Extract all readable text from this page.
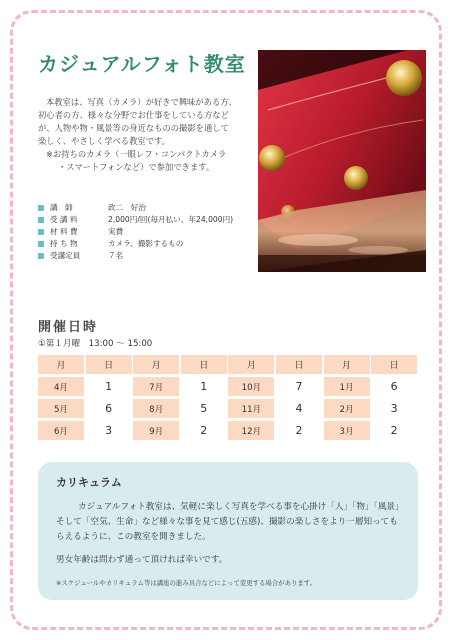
カジュアルフォト教室

本教室は、写真（カメラ）が好きで興味がある方、

初心者の方、様々な分野でお仕事をしている方など

が、人物や物・風景等の身近なものの撮影を通して

楽しく、やさしく学べる教室です。

※お持ちのカメラ（一眼レフ・コンパクトカメラ

・スマートフォンなど）で参加できます。

講　師	政二　好治
受 講 料	2,000円/回(毎月払い、年24,000円)
材 料 費	実費
持 ち 物	カメラ、撮影するもの
受講定員	７名
開催日時
①第１月曜　13:00 ～ 15:00
月	日	月	日	月	日	月	日
4月	1	7月	1	10月	7	1月	6
5月	6	8月	5	11月	4	2月	3
6月	3	9月	2	12月	2	3月	2
カリキュラム

カジュアルフォト教室は、気軽に楽しく写真を学べる事を心掛け「人」「物」「風景」そして「空気、生命」など様々な事を見て感じ(五感)、撮影の楽しさをより一層知ってもらえるように、この教室を開きました。

男女年齢は問わず通って頂ければ幸いです。

※スケジュールやカリキュラム等は講座の進み具合などによって変更する場合があります。
